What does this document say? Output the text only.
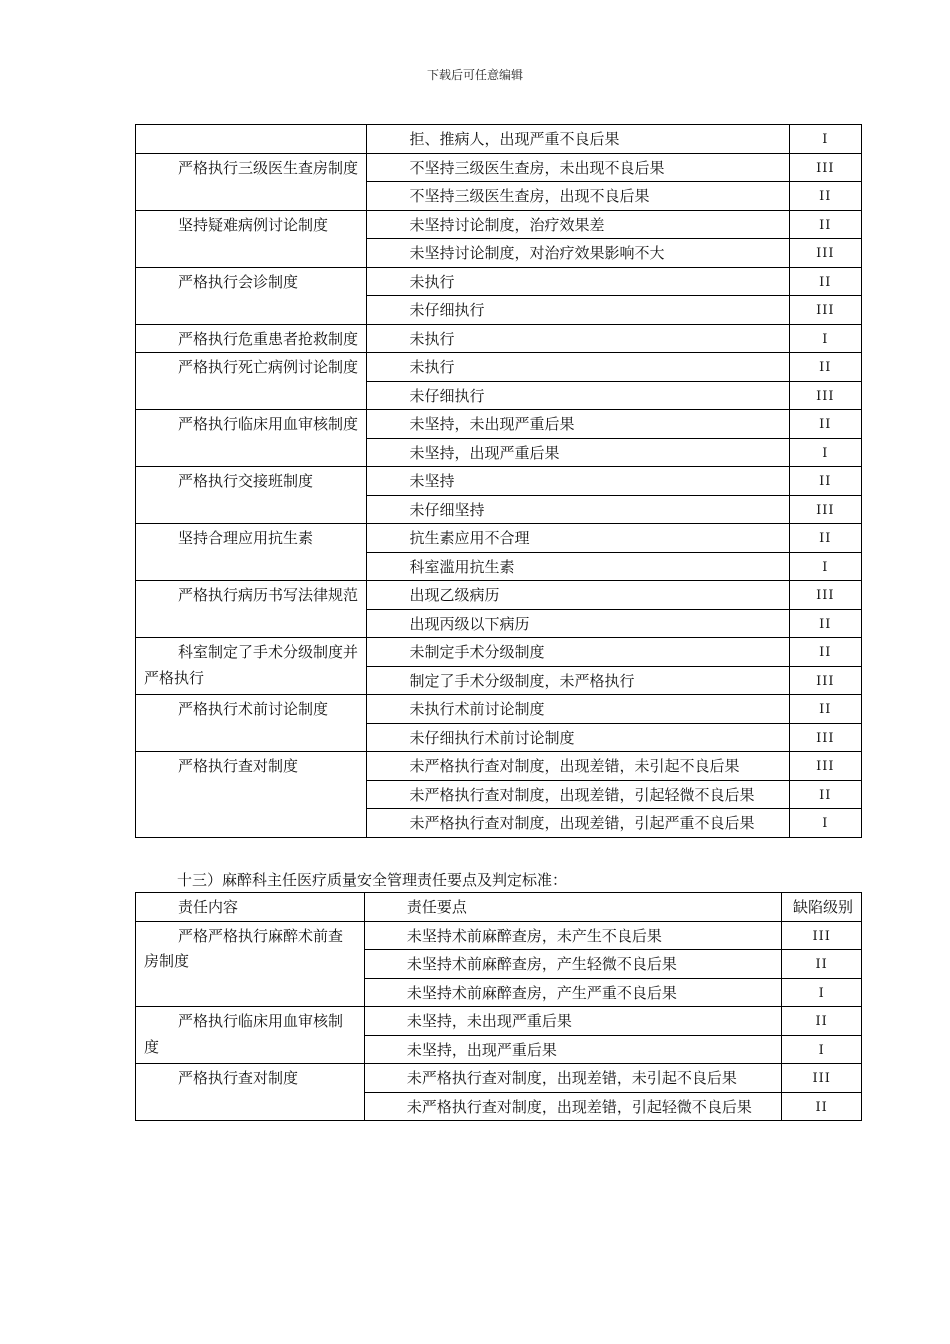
下载后可任意编辑
	拒、推病人，出现严重不良后果	I
严格执行三级医生查房制度	不坚持三级医生查房，未出现不良后果	III
	不坚持三级医生查房，出现不良后果	II
坚持疑难病例讨论制度	未坚持讨论制度，治疗效果差	II
	未坚持讨论制度，对治疗效果影响不大	III
严格执行会诊制度	未执行	II
	未仔细执行	III
严格执行危重患者抢救制度	未执行	I
严格执行死亡病例讨论制度	未执行	II
	未仔细执行	III
严格执行临床用血审核制度	未坚持，未出现严重后果	II
	未坚持，出现严重后果	I
严格执行交接班制度	未坚持	II
	未仔细坚持	III
坚持合理应用抗生素	抗生素应用不合理	II
	科室滥用抗生素	I
严格执行病历书写法律规范	出现乙级病历	III
	出现丙级以下病历	II
科室制定了手术分级制度并严格执行	未制定手术分级制度	II
	制定了手术分级制度，未严格执行	III
严格执行术前讨论制度	未执行术前讨论制度	II
	未仔细执行术前讨论制度	III
严格执行查对制度	未严格执行查对制度，出现差错，未引起不良后果	III
	未严格执行查对制度，出现差错，引起轻微不良后果	II
	未严格执行查对制度，出现差错，引起严重不良后果	I
十三）麻醉科主任医疗质量安全管理责任要点及判定标准：
责任内容	责任要点	缺陷级别
严格严格执行麻醉术前查房制度	未坚持术前麻醉查房，未产生不良后果	III
	未坚持术前麻醉查房，产生轻微不良后果	II
	未坚持术前麻醉查房，产生严重不良后果	I
严格执行临床用血审核制度	未坚持，未出现严重后果	II
	未坚持，出现严重后果	I
严格执行查对制度	未严格执行查对制度，出现差错，未引起不良后果	III
	未严格执行查对制度，出现差错，引起轻微不良后果	II
